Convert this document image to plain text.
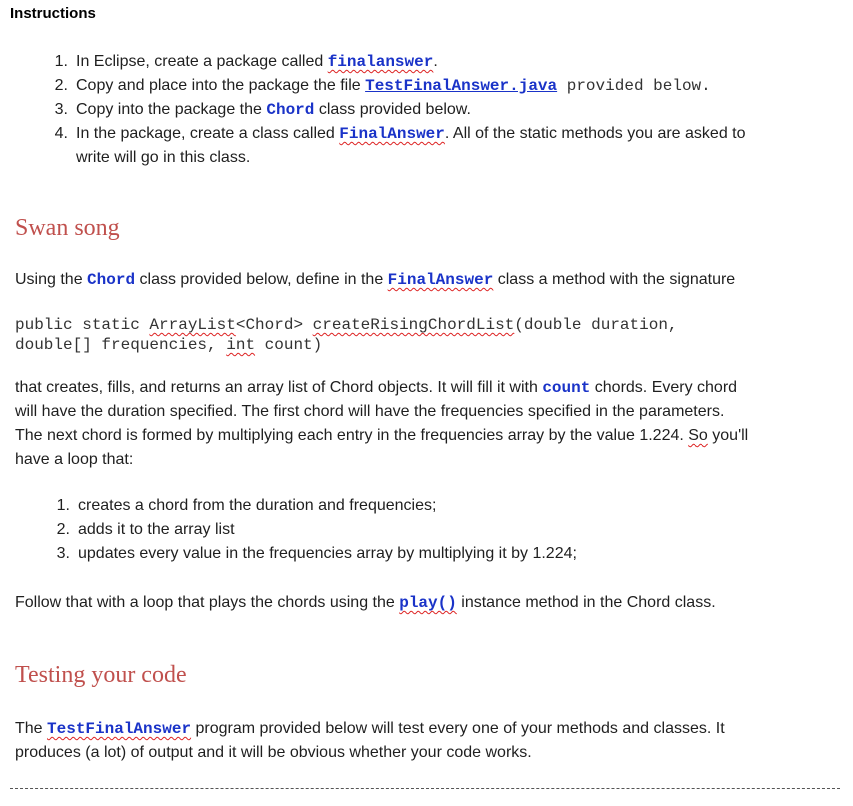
Instructions
1. In Eclipse, create a package called finalanswer.
2. Copy and place into the package the file TestFinalAnswer.java provided below.
3. Copy into the package the Chord class provided below.
4. In the package, create a class called FinalAnswer. All of the static methods you are asked to
write will go in this class.
Swan song
Using the Chord class provided below, define in the FinalAnswer class a method with the signature
public static ArrayList<Chord> createRisingChordList(double duration,
double[] frequencies, int count)
that creates, fills, and returns an array list of Chord objects. It will fill it with count chords. Every chord
will have the duration specified. The first chord will have the frequencies specified in the parameters.
The next chord is formed by multiplying each entry in the frequencies array by the value 1.224. So you'll
have a loop that:
1. creates a chord from the duration and frequencies;
2. adds it to the array list
3. updates every value in the frequencies array by multiplying it by 1.224;
Follow that with a loop that plays the chords using the play() instance method in the Chord class.
Testing your code
The TestFinalAnswer program provided below will test every one of your methods and classes. It
produces (a lot) of output and it will be obvious whether your code works.
